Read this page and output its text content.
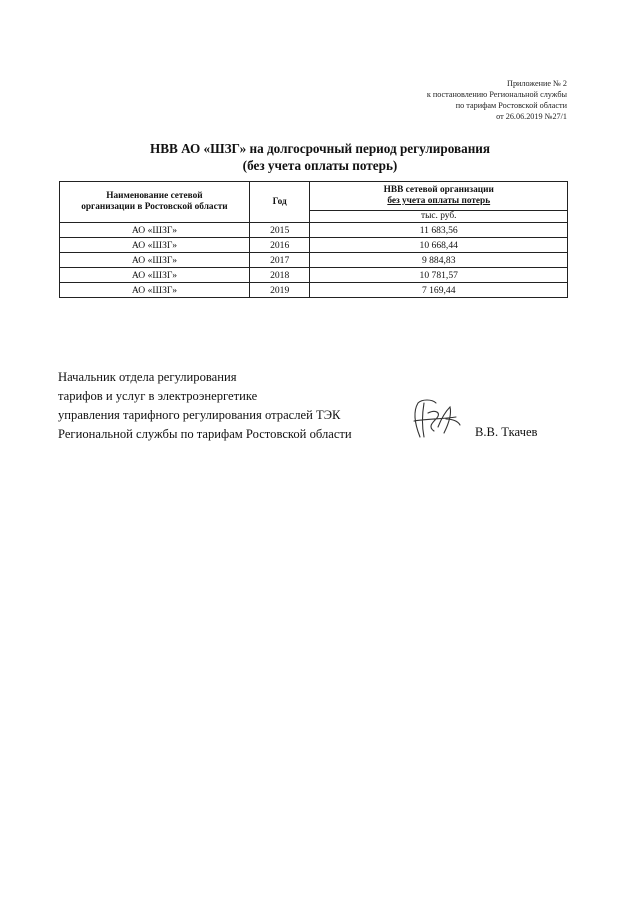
Приложение № 2
к постановлению Региональной службы
по тарифам Ростовской области
от 26.06.2019 №27/1
НВВ АО «ШЗГ» на долгосрочный период регулирования
(без учета оплаты потерь)
Наименование сетевой
организации в Ростовской области	Год	НВВ сетевой организации
без учета оплаты потерь

		тыс. руб.
АО «ШЗГ»	2015	11 683,56
АО «ШЗГ»	2016	10 668,44
АО «ШЗГ»	2017	9 884,83
АО «ШЗГ»	2018	10 781,57
АО «ШЗГ»	2019	7 169,44
Начальник отдела регулирования
тарифов и услуг в электроэнергетике
управления тарифного регулирования отраслей ТЭК
Региональной службы по тарифам Ростовской области	В.В. Ткачев
